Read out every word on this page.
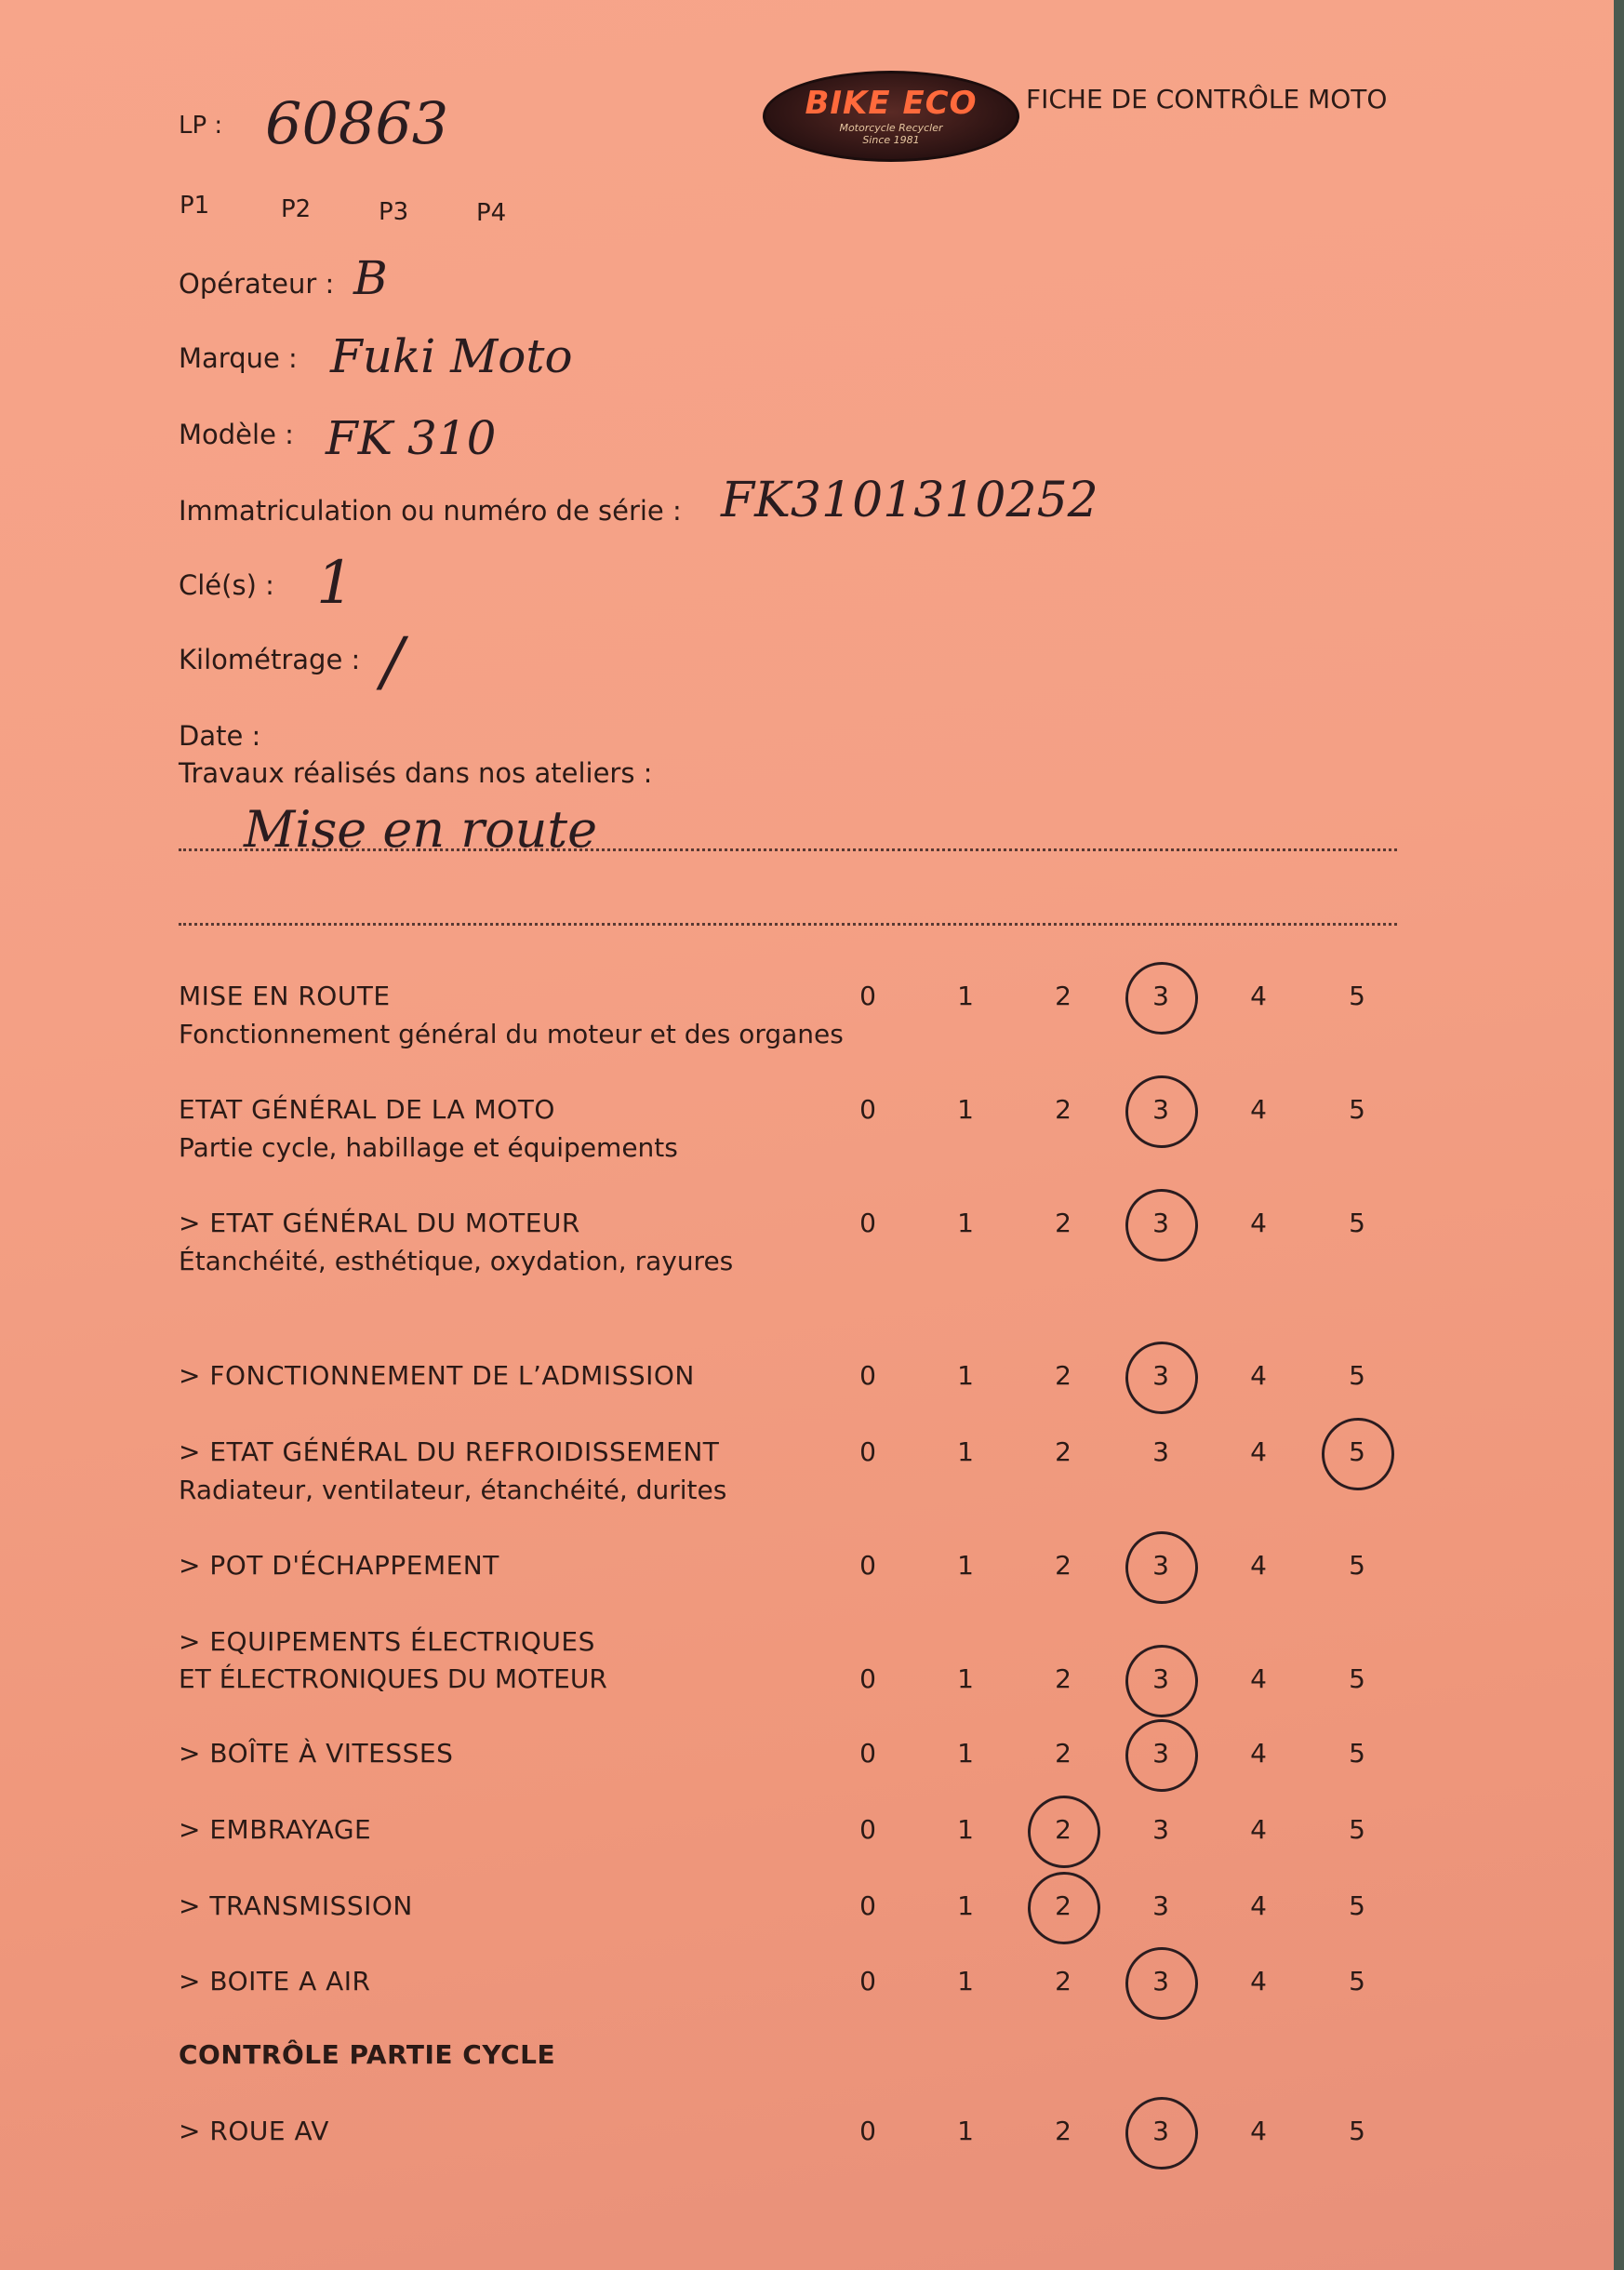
BIKE ECO
Motorcycle Recycler
Since 1981
FICHE DE CONTRÔLE MOTO
LP : 60863
P1	P2	P3	P4
Opérateur : B
Marque : Fuki Moto
Modèle : FK 310
Immatriculation ou numéro de série : FK3101310252
Clé(s) : 1
Kilométrage : /
Date :
Travaux réalisés dans nos ateliers :
Mise en route
MISE EN ROUTE
Fonctionnement général du moteur et des organes
0	1	2	3	4	5
ETAT GÉNÉRAL DE LA MOTO
Partie cycle, habillage et équipements
0	1	2	3	4	5
> ETAT GÉNÉRAL DU MOTEUR
Étanchéité, esthétique, oxydation, rayures
0	1	2	3	4	5
> FONCTIONNEMENT DE L’ADMISSION	0	1	2	3	4	5
> ETAT GÉNÉRAL DU REFROIDISSEMENT
Radiateur, ventilateur, étanchéité, durites
0	1	2	3	4	5
> POT D'ÉCHAPPEMENT	0	1	2	3	4	5
> EQUIPEMENTS ÉLECTRIQUES
ET ÉLECTRONIQUES DU MOTEUR	0	1	2	3	4	5
> BOÎTE À VITESSES	0	1	2	3	4	5
> EMBRAYAGE	0	1	2	3	4	5
> TRANSMISSION	0	1	2	3	4	5
> BOITE A AIR	0	1	2	3	4	5
CONTRÔLE PARTIE CYCLE
> ROUE AV	0	1	2	3	4	5
